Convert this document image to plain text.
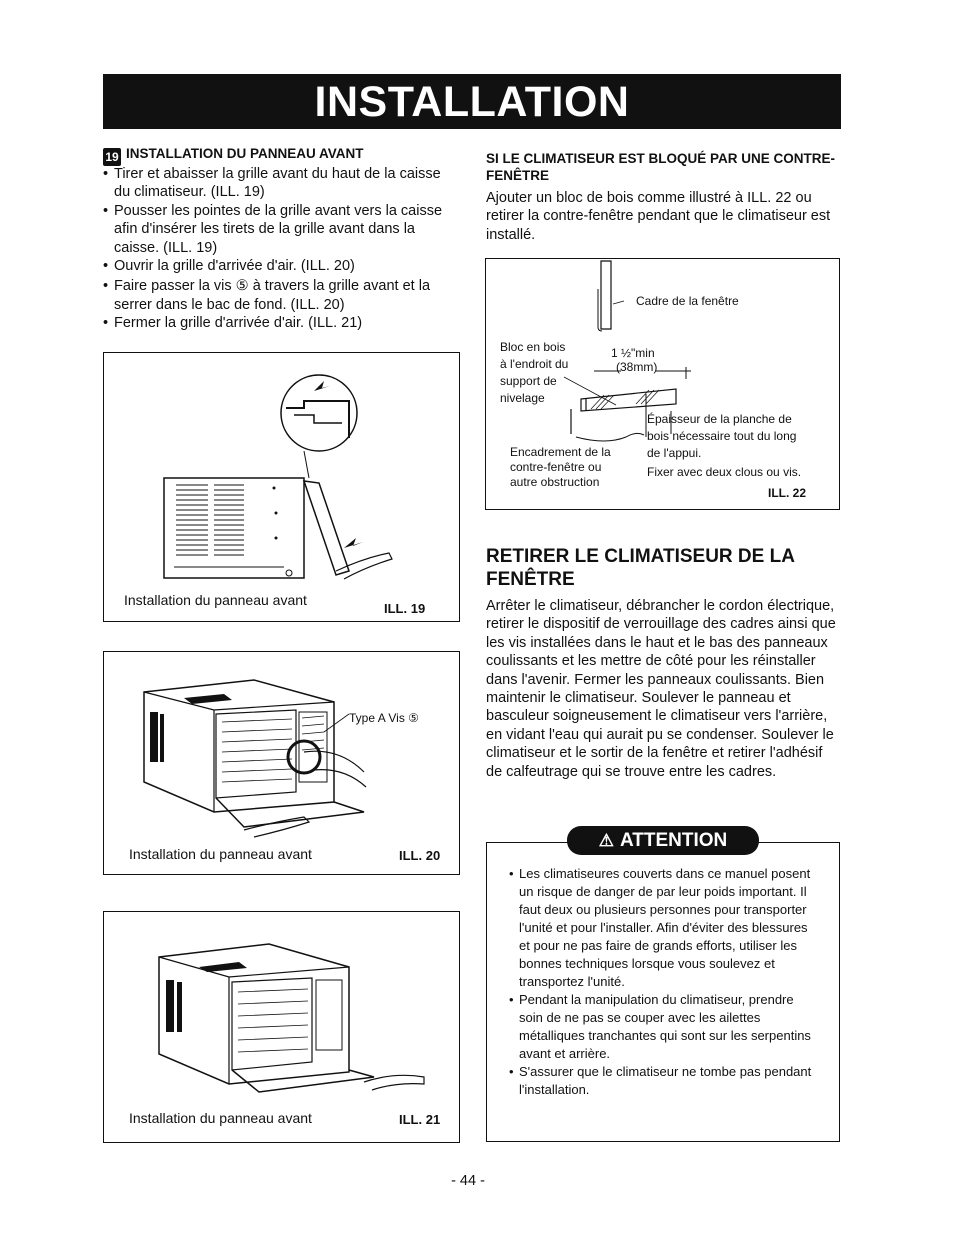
INSTALLATION
19 INSTALLATION DU PANNEAU AVANT
• Tirer et abaisser la grille avant du haut de la caisse du climatiseur. (ILL. 19)
• Pousser les pointes de la grille avant vers la caisse afin d'insérer les tirets de la grille avant dans la caisse. (ILL. 19)
• Ouvrir la grille d'arrivée d'air. (ILL. 20)
• Faire passer la vis ⑤ à travers la grille avant et la serrer dans le bac de fond. (ILL. 20)
• Fermer la grille d'arrivée d'air. (ILL. 21)
Installation du panneau avant
ILL. 19
Type A Vis ⑤
Installation du panneau avant	ILL. 20
Installation du panneau avant	ILL. 21
SI LE CLIMATISEUR EST BLOQUÉ PAR UNE CONTRE-FENÊTRE
Ajouter un bloc de bois comme illustré à ILL. 22 ou retirer la contre-fenêtre pendant que le climatiseur est installé.
Cadre de la fenêtre
Bloc en bois à l'endroit du support de nivelage
1 ½"min
(38mm)
Épaisseur de la planche de bois nécessaire tout du long de l'appui.
Encadrement de la contre-fenêtre ou autre obstruction
Fixer avec deux clous ou vis.
ILL. 22
RETIRER LE CLIMATISEUR DE LA FENÊTRE
Arrêter le climatiseur, débrancher le cordon électrique, retirer le dispositif de verrouillage des cadres ainsi que les vis installées dans le haut et le bas des panneaux coulissants et les mettre de côté pour les réinstaller dans l'avenir. Fermer les panneaux coulissants. Bien maintenir le climatiseur. Soulever le panneau et basculeur soigneusement le climatiseur vers l'arrière, en vidant l'eau qui aurait pu se condenser. Soulever le climatiseur et le sortir de la fenêtre et retirer l'adhésif de calfeutrage qui se trouve entre les cadres.
• Les climatiseures couverts dans ce manuel posent un risque de danger de par leur poids important. Il faut deux ou plusieurs personnes pour transporter l'unité et pour l'installer. Afin d'éviter des blessures et pour ne pas faire de grands efforts, utiliser les bonnes techniques lorsque vous soulevez et transportez l'unité.
• Pendant la manipulation du climatiseur, prendre soin de ne pas se couper avec les ailettes métalliques tranchantes qui sont sur les serpentins avant et arrière.
• S'assurer que le climatiseur ne tombe pas pendant l'installation.
⚠ ATTENTION
- 44 -
